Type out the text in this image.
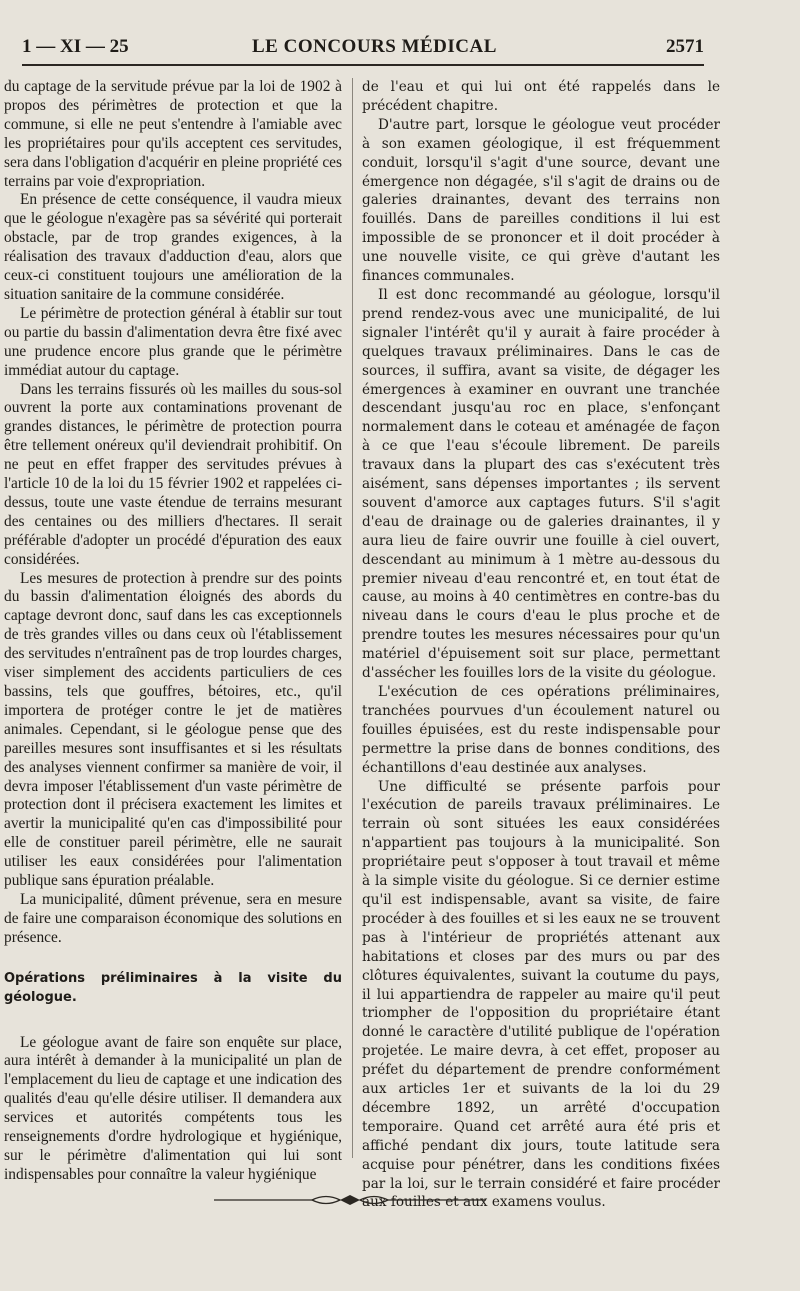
1 — XI — 25	LE CONCOURS MÉDICAL	2571

du captage de la servitude prévue par la loi de 1902 à propos des périmètres de protection et que la commune, si elle ne peut s'entendre à l'amiable avec les propriétaires pour qu'ils acceptent ces servitudes, sera dans l'obligation d'acquérir en pleine propriété ces terrains par voie d'expropriation.

En présence de cette conséquence, il vaudra mieux que le géologue n'exagère pas sa sévérité qui porterait obstacle, par de trop grandes exigences, à la réalisation des travaux d'adduction d'eau, alors que ceux-ci constituent toujours une amélioration de la situation sanitaire de la commune considérée.

Le périmètre de protection général à établir sur tout ou partie du bassin d'alimentation devra être fixé avec une prudence encore plus grande que le périmètre immédiat autour du captage.

Dans les terrains fissurés où les mailles du sous-sol ouvrent la porte aux contaminations provenant de grandes distances, le périmètre de protection pourra être tellement onéreux qu'il deviendrait prohibitif. On ne peut en effet frapper des servitudes prévues à l'article 10 de la loi du 15 février 1902 et rappelées ci-dessus, toute une vaste étendue de terrains mesurant des centaines ou des milliers d'hectares. Il serait préférable d'adopter un procédé d'épuration des eaux considérées.

Les mesures de protection à prendre sur des points du bassin d'alimentation éloignés des abords du captage devront donc, sauf dans les cas exceptionnels de très grandes villes ou dans ceux où l'établissement des servitudes n'entraînent pas de trop lourdes charges, viser simplement des accidents particuliers de ces bassins, tels que gouffres, bétoires, etc., qu'il importera de protéger contre le jet de matières animales. Cependant, si le géologue pense que des pareilles mesures sont insuffisantes et si les résultats des analyses viennent confirmer sa manière de voir, il devra imposer l'établissement d'un vaste périmètre de protection dont il précisera exactement les limites et avertir la municipalité qu'en cas d'impossibilité pour elle de constituer pareil périmètre, elle ne saurait utiliser les eaux considérées pour l'alimentation publique sans épuration préalable.

La municipalité, dûment prévenue, sera en mesure de faire une comparaison économique des solutions en présence.

Opérations préliminaires à la visite du géologue.

Le géologue avant de faire son enquête sur place, aura intérêt à demander à la municipalité un plan de l'emplacement du lieu de captage et une indication des qualités d'eau qu'elle désire utiliser. Il demandera aux services et autorités compétents tous les renseignements d'ordre hydrologique et hygiénique, sur le périmètre d'alimentation qui lui sont indispensables pour connaître la valeur hygiénique

de l'eau et qui lui ont été rappelés dans le précédent chapitre.

D'autre part, lorsque le géologue veut procéder à son examen géologique, il est fréquemment conduit, lorsqu'il s'agit d'une source, devant une émergence non dégagée, s'il s'agit de drains ou de galeries drainantes, devant des terrains non fouillés. Dans de pareilles conditions il lui est impossible de se prononcer et il doit procéder à une nouvelle visite, ce qui grève d'autant les finances communales.

Il est donc recommandé au géologue, lorsqu'il prend rendez-vous avec une municipalité, de lui signaler l'intérêt qu'il y aurait à faire procéder à quelques travaux préliminaires. Dans le cas de sources, il suffira, avant sa visite, de dégager les émergences à examiner en ouvrant une tranchée descendant jusqu'au roc en place, s'enfonçant normalement dans le coteau et aménagée de façon à ce que l'eau s'écoule librement. De pareils travaux dans la plupart des cas s'exécutent très aisément, sans dépenses importantes ; ils servent souvent d'amorce aux captages futurs. S'il s'agit d'eau de drainage ou de galeries drainantes, il y aura lieu de faire ouvrir une fouille à ciel ouvert, descendant au minimum à 1 mètre au-dessous du premier niveau d'eau rencontré et, en tout état de cause, au moins à 40 centimètres en contre-bas du niveau dans le cours d'eau le plus proche et de prendre toutes les mesures nécessaires pour qu'un matériel d'épuisement soit sur place, permettant d'assécher les fouilles lors de la visite du géologue.

L'exécution de ces opérations préliminaires, tranchées pourvues d'un écoulement naturel ou fouilles épuisées, est du reste indispensable pour permettre la prise dans de bonnes conditions, des échantillons d'eau destinée aux analyses.

Une difficulté se présente parfois pour l'exécution de pareils travaux préliminaires. Le terrain où sont situées les eaux considérées n'appartient pas toujours à la municipalité. Son propriétaire peut s'opposer à tout travail et même à la simple visite du géologue. Si ce dernier estime qu'il est indispensable, avant sa visite, de faire procéder à des fouilles et si les eaux ne se trouvent pas à l'intérieur de propriétés attenant aux habitations et closes par des murs ou par des clôtures équivalentes, suivant la coutume du pays, il lui appartiendra de rappeler au maire qu'il peut triompher de l'opposition du propriétaire étant donné le caractère d'utilité publique de l'opération projetée. Le maire devra, à cet effet, proposer au préfet du département de prendre conformément aux articles 1er et suivants de la loi du 29 décembre 1892, un arrêté d'occupation temporaire. Quand cet arrêté aura été pris et affiché pendant dix jours, toute latitude sera acquise pour pénétrer, dans les conditions fixées par la loi, sur le terrain considéré et faire procéder aux fouilles et aux examens voulus.
